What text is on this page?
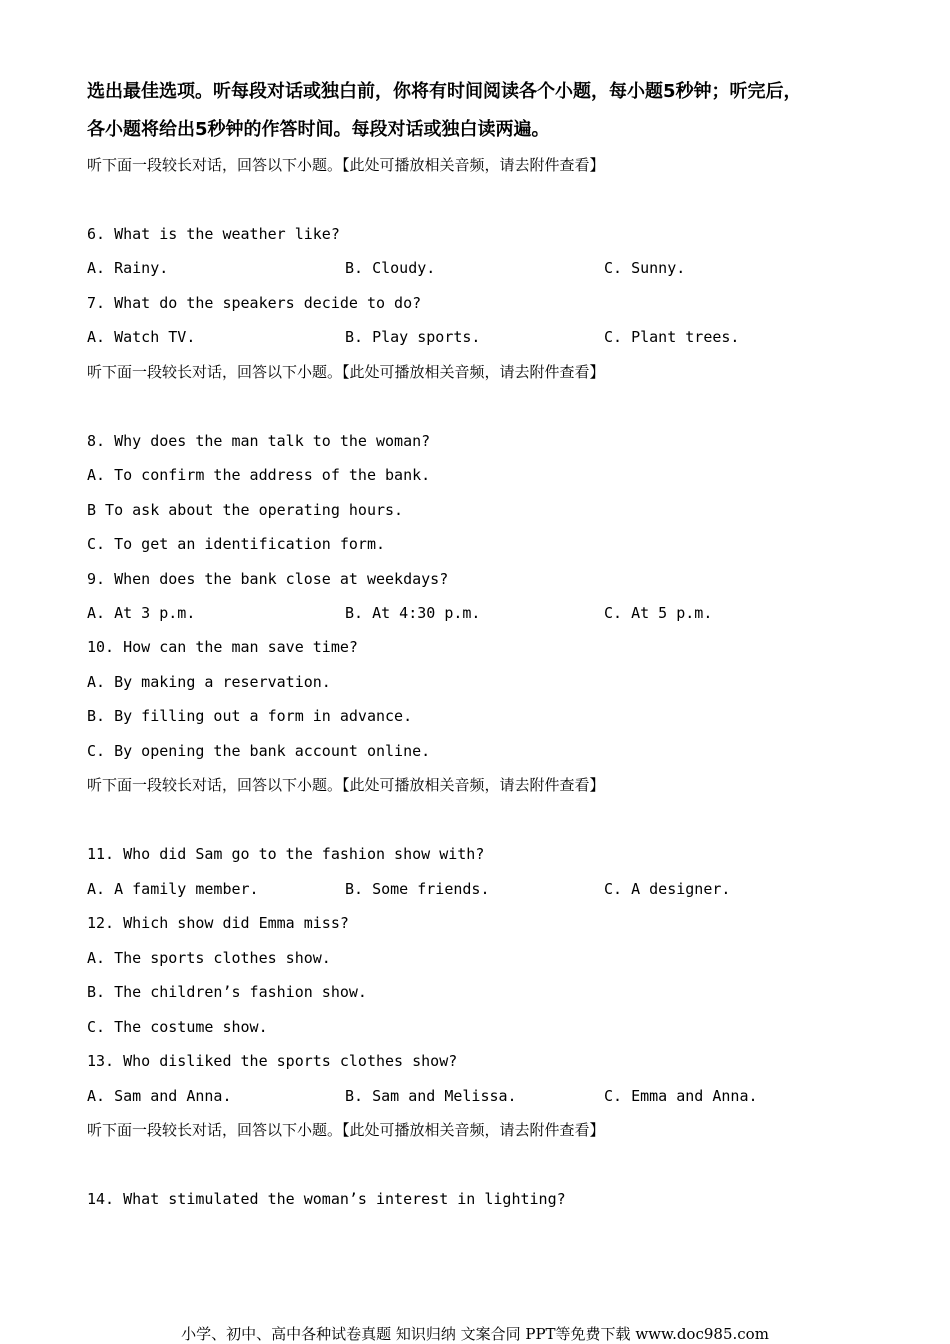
选出最佳选项。听每段对话或独白前，你将有时间阅读各个小题，每小题5秒钟；听完后，
各小题将给出5秒钟的作答时间。每段对话或独白读两遍。
听下面一段较长对话，回答以下小题。【此处可播放相关音频，请去附件查看】
6. What is the weather like?
A. Rainy.	B. Cloudy.	C. Sunny.
7. What do the speakers decide to do?
A. Watch TV.	B. Play sports.	C. Plant trees.
听下面一段较长对话，回答以下小题。【此处可播放相关音频，请去附件查看】
8. Why does the man talk to the woman?
A. To confirm the address of the bank.
B To ask about the operating hours.
C. To get an identification form.
9. When does the bank close at weekdays?
A. At 3 p.m.	B. At 4:30 p.m.	C. At 5 p.m.
10. How can the man save time?
A. By making a reservation.
B. By filling out a form in advance.
C. By opening the bank account online.
听下面一段较长对话，回答以下小题。【此处可播放相关音频，请去附件查看】
11. Who did Sam go to the fashion show with?
A. A family member.	B. Some friends.	C. A designer.
12. Which show did Emma miss?
A. The sports clothes show.
B. The children’s fashion show.
C. The costume show.
13. Who disliked the sports clothes show?
A. Sam and Anna.	B. Sam and Melissa.	C. Emma and Anna.
听下面一段较长对话，回答以下小题。【此处可播放相关音频，请去附件查看】
14. What stimulated the woman’s interest in lighting?
小学、初中、高中各种试卷真题 知识归纳 文案合同 PPT等免费下载 www.doc985.com
